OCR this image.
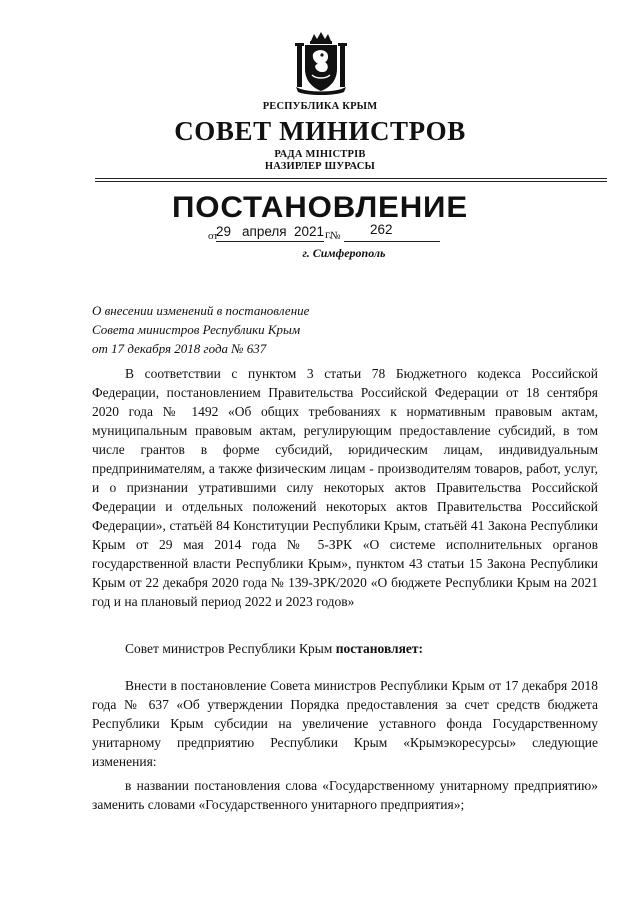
РЕСПУБЛИКА КРЫМ
СОВЕТ МИНИСТРОВ
РАДА МІНІСТРІВ
НАЗИРЛЕР ШУРАСЫ
ПОСТАНОВЛЕНИЕ
от
29 апреля 2021 г.
№ 262
г. Симферополь
О внесении изменений в постановление
Совета министров Республики Крым
от 17 декабря 2018 года № 637
В соответствии с пунктом 3 статьи 78 Бюджетного кодекса Российской Федерации, постановлением Правительства Российской Федерации от 18 сентября 2020 года № 1492 «Об общих требованиях к нормативным правовым актам, муниципальным правовым актам, регулирующим предоставление субсидий, в том числе грантов в форме субсидий, юридическим лицам, индивидуальным предпринимателям, а также физическим лицам - производителям товаров, работ, услуг, и о признании утратившими силу некоторых актов Правительства Российской Федерации и отдельных положений некоторых актов Правительства Российской Федерации», статьёй 84 Конституции Республики Крым, статьёй 41 Закона Республики Крым от 29 мая 2014 года № 5-ЗРК «О системе исполнительных органов государственной власти Республики Крым», пунктом 43 статьи 15 Закона Республики Крым от 22 декабря 2020 года № 139-ЗРК/2020 «О бюджете Республики Крым на 2021 год и на плановый период 2022 и 2023 годов»
Совет министров Республики Крым постановляет:
Внести в постановление Совета министров Республики Крым от 17 декабря 2018 года № 637 «Об утверждении Порядка предоставления за счет средств бюджета Республики Крым субсидии на увеличение уставного фонда Государственному унитарному предприятию Республики Крым «Крымэкоресурсы» следующие изменения:
в названии постановления слова «Государственному унитарному предприятию» заменить словами «Государственного унитарного предприятия»;
